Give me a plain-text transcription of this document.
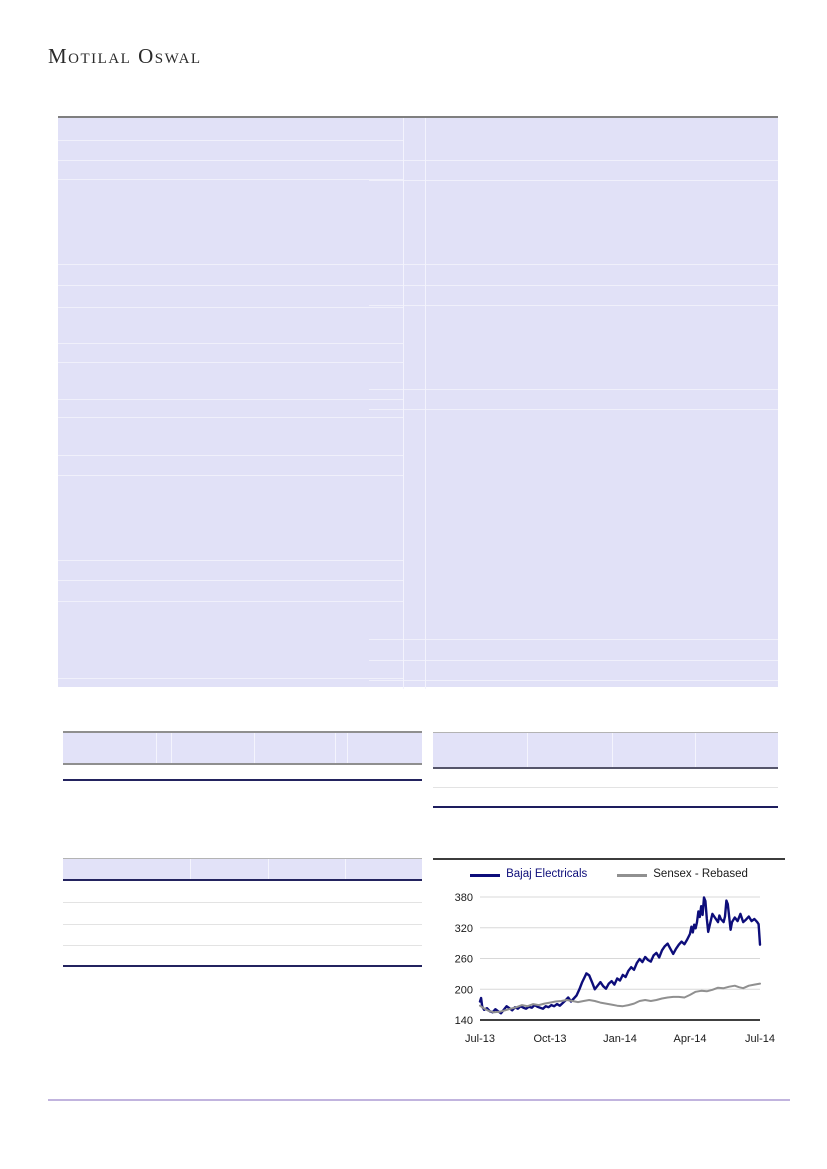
Motilal Oswal
Bajaj Electricals	Sensex - Rebased
140
200
260
320
380
Jul-13	Oct-13	Jan-14	Apr-14	Jul-14
